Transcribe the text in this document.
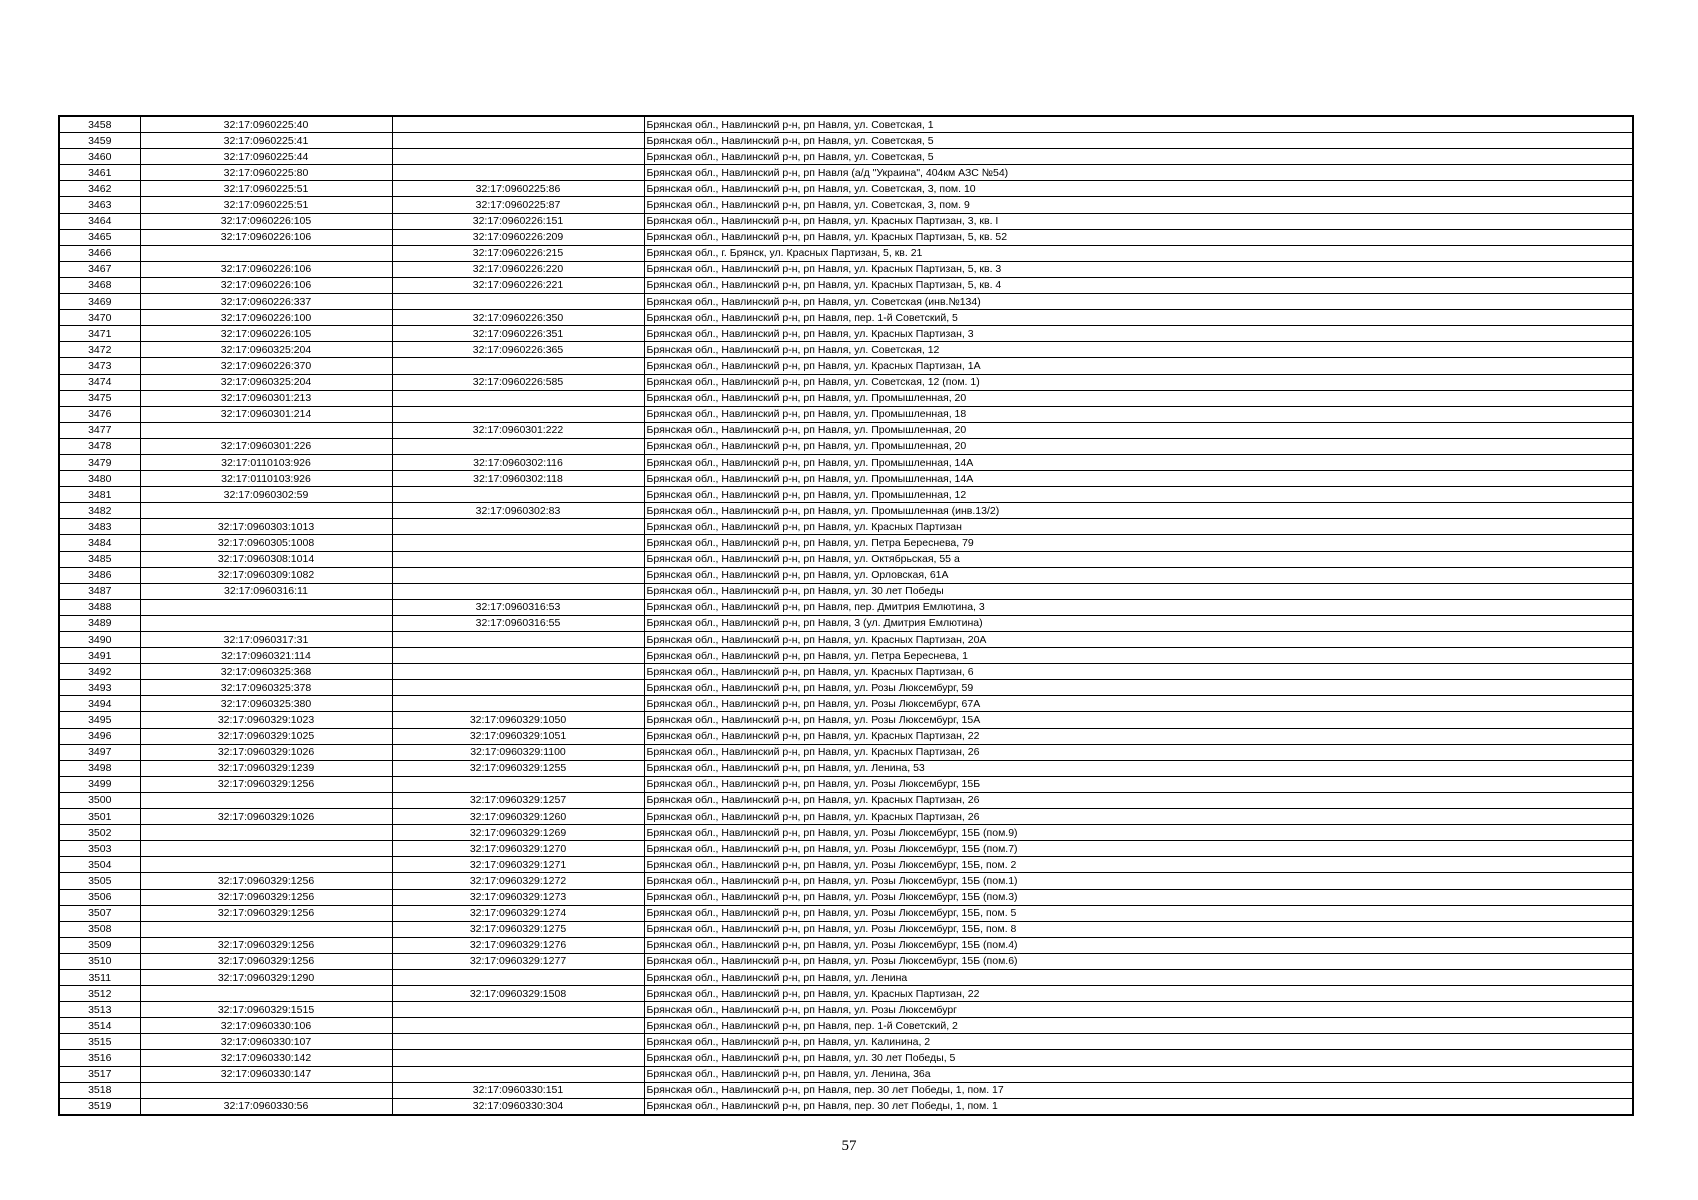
3458	32:17:0960225:40		Брянская обл., Навлинский р-н, рп Навля, ул. Советская, 1
3459	32:17:0960225:41		Брянская обл., Навлинский р-н, рп Навля, ул. Советская, 5
3460	32:17:0960225:44		Брянская обл., Навлинский р-н, рп Навля, ул. Советская, 5
3461	32:17:0960225:80		Брянская обл., Навлинский р-н, рп Навля (а/д "Украина", 404км АЗС №54)
3462	32:17:0960225:51	32:17:0960225:86	Брянская обл., Навлинский р-н, рп Навля, ул. Советская, 3, пом. 10
3463	32:17:0960225:51	32:17:0960225:87	Брянская обл., Навлинский р-н, рп Навля, ул. Советская, 3, пом. 9
3464	32:17:0960226:105	32:17:0960226:151	Брянская обл., Навлинский р-н, рп Навля, ул. Красных Партизан, 3, кв. I
3465	32:17:0960226:106	32:17:0960226:209	Брянская обл., Навлинский р-н, рп Навля, ул. Красных Партизан, 5, кв. 52
3466		32:17:0960226:215	Брянская обл., г. Брянск, ул. Красных Партизан, 5, кв. 21
3467	32:17:0960226:106	32:17:0960226:220	Брянская обл., Навлинский р-н, рп Навля, ул. Красных Партизан, 5, кв. 3
3468	32:17:0960226:106	32:17:0960226:221	Брянская обл., Навлинский р-н, рп Навля, ул. Красных Партизан, 5, кв. 4
3469	32:17:0960226:337		Брянская обл., Навлинский р-н, рп Навля, ул. Советская (инв.№134)
3470	32:17:0960226:100	32:17:0960226:350	Брянская обл., Навлинский р-н, рп Навля, пер. 1-й Советский, 5
3471	32:17:0960226:105	32:17:0960226:351	Брянская обл., Навлинский р-н, рп Навля, ул. Красных Партизан, 3
3472	32:17:0960325:204	32:17:0960226:365	Брянская обл., Навлинский р-н, рп Навля, ул. Советская, 12
3473	32:17:0960226:370		Брянская обл., Навлинский р-н, рп Навля, ул. Красных Партизан, 1А
3474	32:17:0960325:204	32:17:0960226:585	Брянская обл., Навлинский р-н, рп Навля, ул. Советская, 12 (пом. 1)
3475	32:17:0960301:213		Брянская обл., Навлинский р-н, рп Навля, ул. Промышленная, 20
3476	32:17:0960301:214		Брянская обл., Навлинский р-н, рп Навля, ул. Промышленная, 18
3477		32:17:0960301:222	Брянская обл., Навлинский р-н, рп Навля, ул. Промышленная, 20
3478	32:17:0960301:226		Брянская обл., Навлинский р-н, рп Навля, ул. Промышленная, 20
3479	32:17:0110103:926	32:17:0960302:116	Брянская обл., Навлинский р-н, рп Навля, ул. Промышленная, 14А
3480	32:17:0110103:926	32:17:0960302:118	Брянская обл., Навлинский р-н, рп Навля, ул. Промышленная, 14А
3481	32:17:0960302:59		Брянская обл., Навлинский р-н, рп Навля, ул. Промышленная, 12
3482		32:17:0960302:83	Брянская обл., Навлинский р-н, рп Навля, ул. Промышленная (инв.13/2)
3483	32:17:0960303:1013		Брянская обл., Навлинский р-н, рп Навля, ул. Красных Партизан
3484	32:17:0960305:1008		Брянская обл., Навлинский р-н, рп Навля, ул. Петра Береснева, 79
3485	32:17:0960308:1014		Брянская обл., Навлинский р-н, рп Навля, ул. Октябрьская, 55 а
3486	32:17:0960309:1082		Брянская обл., Навлинский р-н, рп Навля, ул. Орловская, 61А
3487	32:17:0960316:11		Брянская обл., Навлинский р-н, рп Навля, ул. 30 лет Победы
3488		32:17:0960316:53	Брянская обл., Навлинский р-н, рп Навля, пер. Дмитрия Емлютина, 3
3489		32:17:0960316:55	Брянская обл., Навлинский р-н, рп Навля, 3 (ул. Дмитрия Емлютина)
3490	32:17:0960317:31		Брянская обл., Навлинский р-н, рп Навля, ул. Красных Партизан, 20А
3491	32:17:0960321:114		Брянская обл., Навлинский р-н, рп Навля, ул. Петра Береснева, 1
3492	32:17:0960325:368		Брянская обл., Навлинский р-н, рп Навля, ул. Красных Партизан, 6
3493	32:17:0960325:378		Брянская обл., Навлинский р-н, рп Навля, ул. Розы Люксембург, 59
3494	32:17:0960325:380		Брянская обл., Навлинский р-н, рп Навля, ул. Розы Люксембург, 67А
3495	32:17:0960329:1023	32:17:0960329:1050	Брянская обл., Навлинский р-н, рп Навля, ул. Розы Люксембург, 15А
3496	32:17:0960329:1025	32:17:0960329:1051	Брянская обл., Навлинский р-н, рп Навля, ул. Красных Партизан, 22
3497	32:17:0960329:1026	32:17:0960329:1100	Брянская обл., Навлинский р-н, рп Навля, ул. Красных Партизан, 26
3498	32:17:0960329:1239	32:17:0960329:1255	Брянская обл., Навлинский р-н, рп Навля, ул. Ленина, 53
3499	32:17:0960329:1256		Брянская обл., Навлинский р-н, рп Навля, ул. Розы Люксембург, 15Б
3500		32:17:0960329:1257	Брянская обл., Навлинский р-н, рп Навля, ул. Красных Партизан, 26
3501	32:17:0960329:1026	32:17:0960329:1260	Брянская обл., Навлинский р-н, рп Навля, ул. Красных Партизан, 26
3502		32:17:0960329:1269	Брянская обл., Навлинский р-н, рп Навля, ул. Розы Люксембург, 15Б (пом.9)
3503		32:17:0960329:1270	Брянская обл., Навлинский р-н, рп Навля, ул. Розы Люксембург, 15Б (пом.7)
3504		32:17:0960329:1271	Брянская обл., Навлинский р-н, рп Навля, ул. Розы Люксембург, 15Б, пом. 2
3505	32:17:0960329:1256	32:17:0960329:1272	Брянская обл., Навлинский р-н, рп Навля, ул. Розы Люксембург, 15Б (пом.1)
3506	32:17:0960329:1256	32:17:0960329:1273	Брянская обл., Навлинский р-н, рп Навля, ул. Розы Люксембург, 15Б (пом.3)
3507	32:17:0960329:1256	32:17:0960329:1274	Брянская обл., Навлинский р-н, рп Навля, ул. Розы Люксембург, 15Б, пом. 5
3508		32:17:0960329:1275	Брянская обл., Навлинский р-н, рп Навля, ул. Розы Люксембург, 15Б, пом. 8
3509	32:17:0960329:1256	32:17:0960329:1276	Брянская обл., Навлинский р-н, рп Навля, ул. Розы Люксембург, 15Б (пом.4)
3510	32:17:0960329:1256	32:17:0960329:1277	Брянская обл., Навлинский р-н, рп Навля, ул. Розы Люксембург, 15Б (пом.6)
3511	32:17:0960329:1290		Брянская обл., Навлинский р-н, рп Навля, ул. Ленина
3512		32:17:0960329:1508	Брянская обл., Навлинский р-н, рп Навля, ул. Красных Партизан, 22
3513	32:17:0960329:1515		Брянская обл., Навлинский р-н, рп Навля, ул. Розы Люксембург
3514	32:17:0960330:106		Брянская обл., Навлинский р-н, рп Навля, пер. 1-й Советский, 2
3515	32:17:0960330:107		Брянская обл., Навлинский р-н, рп Навля, ул. Калинина, 2
3516	32:17:0960330:142		Брянская обл., Навлинский р-н, рп Навля, ул. 30 лет Победы, 5
3517	32:17:0960330:147		Брянская обл., Навлинский р-н, рп Навля, ул. Ленина, 36а
3518		32:17:0960330:151	Брянская обл., Навлинский р-н, рп Навля, пер. 30 лет Победы, 1, пом. 17
3519	32:17:0960330:56	32:17:0960330:304	Брянская обл., Навлинский р-н, рп Навля, пер. 30 лет Победы, 1, пом. 1
57
